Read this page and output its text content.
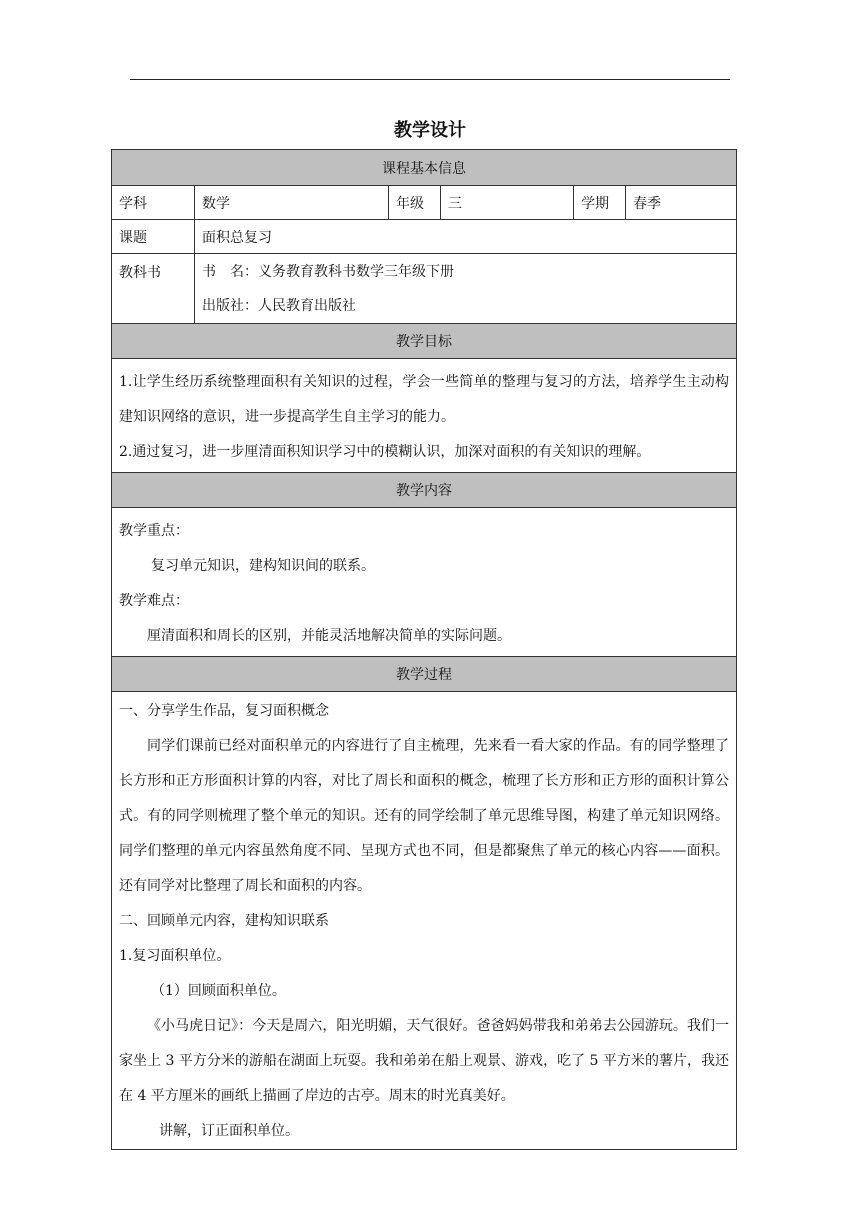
教学设计
课程基本信息
学科	数学	年级	三	学期	春季
课题	面积总复习
教科书	书　名：义务教育教科书数学三年级下册
出版社：人民教育出版社
教学目标

1.让学生经历系统整理面积有关知识的过程，学会一些简单的整理与复习的方法，培养学生主动构建知识网络的意识，进一步提高学生自主学习的能力。

2.通过复习，进一步厘清面积知识学习中的模糊认识，加深对面积的有关知识的理解。

教学内容

教学重点：

复习单元知识，建构知识间的联系。

教学难点：

厘清面积和周长的区别，并能灵活地解决简单的实际问题。

教学过程

一、分享学生作品，复习面积概念

同学们课前已经对面积单元的内容进行了自主梳理，先来看一看大家的作品。有的同学整理了长方形和正方形面积计算的内容，对比了周长和面积的概念，梳理了长方形和正方形的面积计算公式。有的同学则梳理了整个单元的知识。还有的同学绘制了单元思维导图，构建了单元知识网络。同学们整理的单元内容虽然角度不同、呈现方式也不同，但是都聚焦了单元的核心内容——面积。还有同学对比整理了周长和面积的内容。

二、回顾单元内容，建构知识联系

1.复习面积单位。

（1）回顾面积单位。

《小马虎日记》：今天是周六，阳光明媚，天气很好。爸爸妈妈带我和弟弟去公园游玩。我们一家坐上 3 平方分米的游船在湖面上玩耍。我和弟弟在船上观景、游戏，吃了 5 平方米的薯片，我还在 4 平方厘米的画纸上描画了岸边的古亭。周末的时光真美好。

讲解，订正面积单位。
